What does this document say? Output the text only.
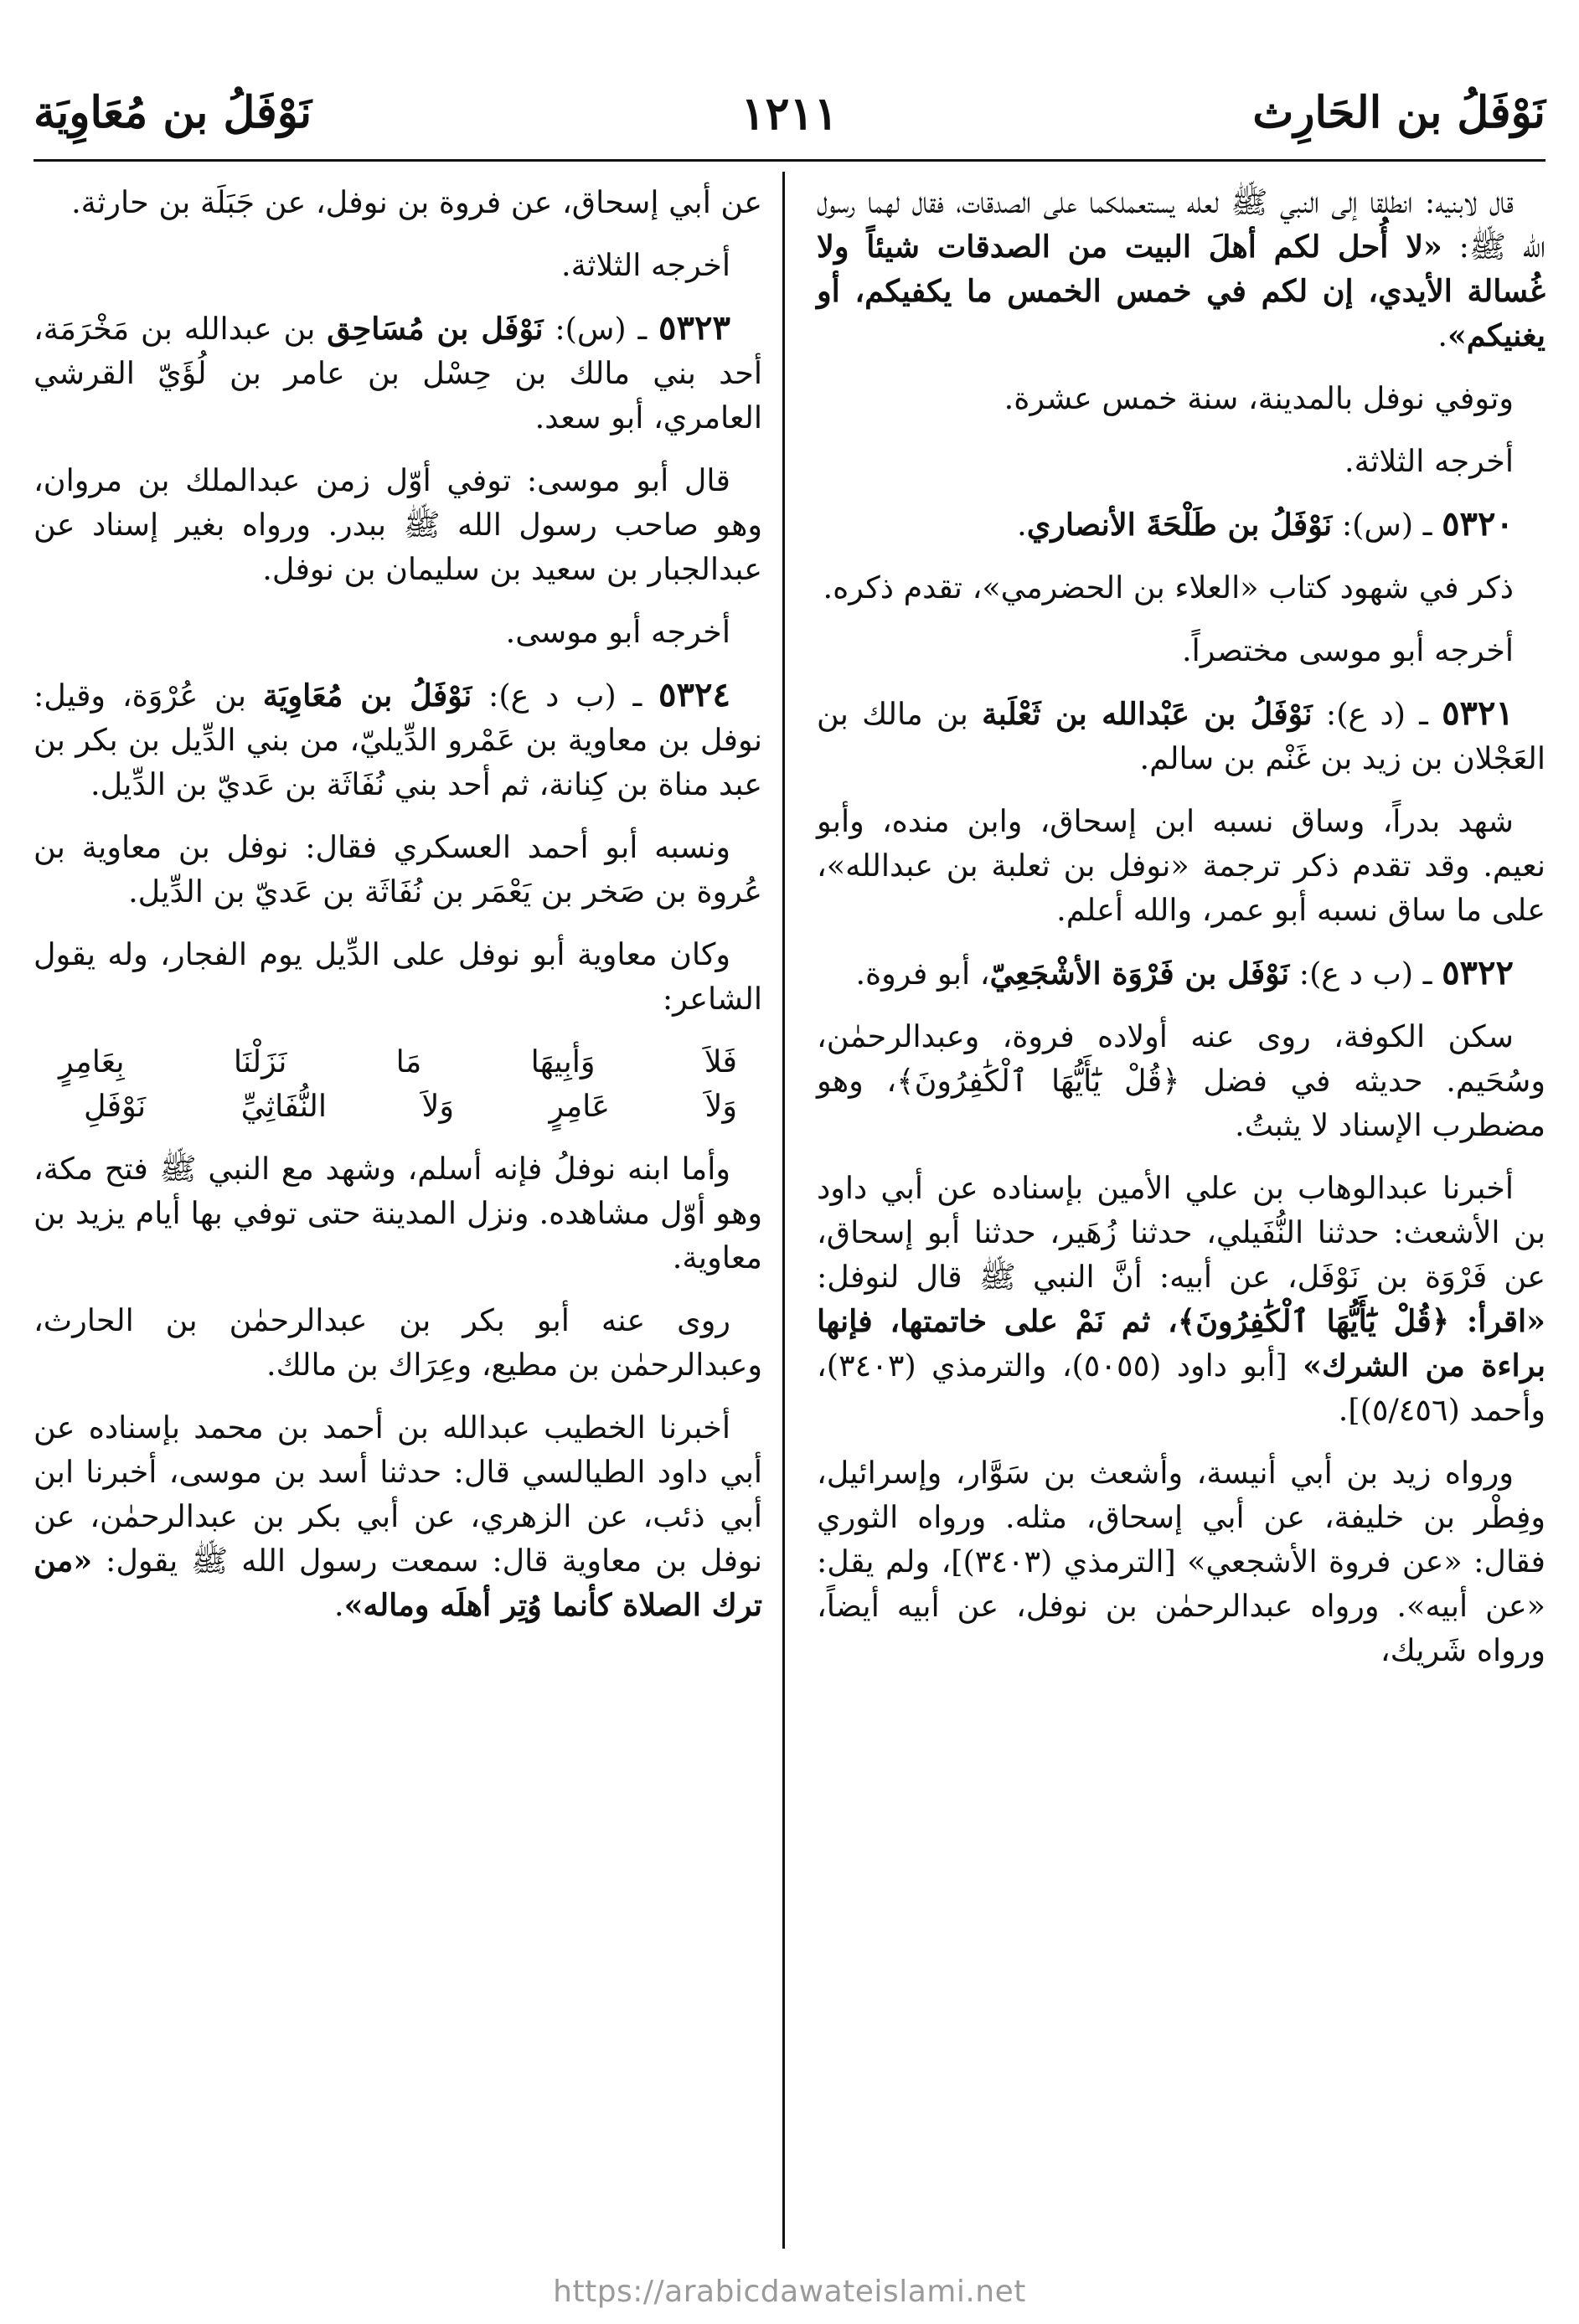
نَوْفَلُ بن الحَارِث
١٢١١
نَوْفَلُ بن مُعَاوِيَة

قال لابنيه: انطلقا إلى النبي ﷺ لعله يستعملكما على الصدقات، فقال لهما رسول الله ﷺ: «لا أُحل لكم أهلَ البيت من الصدقات شيئاً ولا غُسالة الأيدي، إن لكم في خمس الخمس ما يكفيكم، أو يغنيكم».

وتوفي نوفل بالمدينة، سنة خمس عشرة.

أخرجه الثلاثة.

٥٣٢٠ ـ (س): نَوْفَلُ بن طَلْحَةَ الأنصاري.

ذكر في شهود كتاب «العلاء بن الحضرمي»، تقدم ذكره.

أخرجه أبو موسى مختصراً.

٥٣٢١ ـ (د ع): نَوْفَلُ بن عَبْدالله بن ثَعْلَبة بن مالك بن العَجْلان بن زيد بن غَنْم بن سالم.

شهد بدراً، وساق نسبه ابن إسحاق، وابن منده، وأبو نعيم. وقد تقدم ذكر ترجمة «نوفل بن ثعلبة بن عبدالله»، على ما ساق نسبه أبو عمر، والله أعلم.

٥٣٢٢ ـ (ب د ع): نَوْفَل بن فَرْوَة الأشْجَعِيّ، أبو فروة.

سكن الكوفة، روى عنه أولاده فروة، وعبدالرحمٰن، وسُحَيم. حديثه في فضل ﴿قُلْ يَٰٓأَيُّهَا ٱلْكَٰفِرُونَ﴾، وهو مضطرب الإسناد لا يثبتُ.

أخبرنا عبدالوهاب بن علي الأمين بإسناده عن أبي داود بن الأشعث: حدثنا النُّفَيلي، حدثنا زُهَير، حدثنا أبو إسحاق، عن فَرْوَة بن نَوْفَل، عن أبيه: أنَّ النبي ﷺ قال لنوفل: «اقرأ: ﴿قُلْ يَٰٓأَيُّهَا ٱلْكَٰفِرُونَ﴾، ثم نَمْ على خاتمتها، فإنها براءة من الشرك» [أبو داود (٥٠٥٥)، والترمذي (٣٤٠٣)، وأحمد (٥/٤٥٦)].

ورواه زيد بن أبي أنيسة، وأشعث بن سَوَّار، وإسرائيل، وفِطْر بن خليفة، عن أبي إسحاق، مثله. ورواه الثوري فقال: «عن فروة الأشجعي» [الترمذي (٣٤٠٣)]، ولم يقل: «عن أبيه». ورواه عبدالرحمٰن بن نوفل، عن أبيه أيضاً، ورواه شَريك،

عن أبي إسحاق، عن فروة بن نوفل، عن جَبَلَة بن حارثة.

أخرجه الثلاثة.

٥٣٢٣ ـ (س): نَوْفَل بن مُسَاحِق بن عبدالله بن مَخْرَمَة، أحد بني مالك بن حِسْل بن عامر بن لُؤَيّ القرشي العامري، أبو سعد.

قال أبو موسى: توفي أوّل زمن عبدالملك بن مروان، وهو صاحب رسول الله ﷺ ببدر. ورواه بغير إسناد عن عبدالجبار بن سعيد بن سليمان بن نوفل.

أخرجه أبو موسى.

٥٣٢٤ ـ (ب د ع): نَوْفَلُ بن مُعَاوِيَة بن عُرْوَة، وقيل: نوفل بن معاوية بن عَمْرو الدِّيليّ، من بني الدِّيل بن بكر بن عبد مناة بن كِنانة، ثم أحد بني نُفَاثَة بن عَديّ بن الدِّيل.

ونسبه أبو أحمد العسكري فقال: نوفل بن معاوية بن عُروة بن صَخر بن يَعْمَر بن نُفَاثَة بن عَديّ بن الدِّيل.

وكان معاوية أبو نوفل على الدِّيل يوم الفجار، وله يقول الشاعر:

فَلاَ وَأبِيهَا مَا نَزَلْنَا بِعَامِرٍ
وَلاَ عَامِرٍ وَلاَ النُّفَاثِيِّ نَوْفَلِ

وأما ابنه نوفلُ فإنه أسلم، وشهد مع النبي ﷺ فتح مكة، وهو أوّل مشاهده. ونزل المدينة حتى توفي بها أيام يزيد بن معاوية.

روى عنه أبو بكر بن عبدالرحمٰن بن الحارث، وعبدالرحمٰن بن مطيع، وعِرَاك بن مالك.

أخبرنا الخطيب عبدالله بن أحمد بن محمد بإسناده عن أبي داود الطيالسي قال: حدثنا أسد بن موسى، أخبرنا ابن أبي ذئب، عن الزهري، عن أبي بكر بن عبدالرحمٰن، عن نوفل بن معاوية قال: سمعت رسول الله ﷺ يقول: «من ترك الصلاة كأنما وُتِر أهلَه وماله».

https://arabicdawateislami.net
